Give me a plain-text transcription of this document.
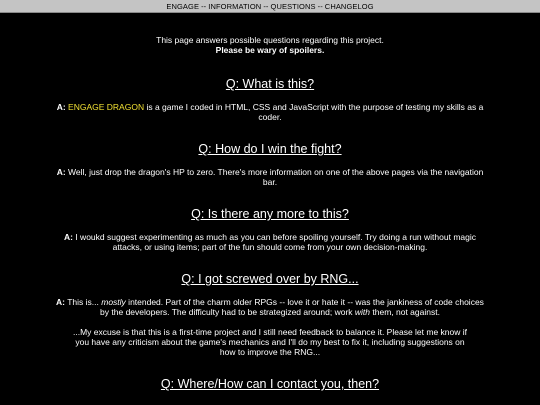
ENGAGE -- INFORMATION -- QUESTIONS -- CHANGELOG
This page answers possible questions regarding this project.
Please be wary of spoilers.
Q: What is this?
A: ENGAGE DRAGON is a game I coded in HTML, CSS and JavaScript with the purpose of testing my skills as a coder.
Q: How do I win the fight?
A: Well, just drop the dragon's HP to zero. There's more information on one of the above pages via the navigation bar.
Q: Is there any more to this?
A: I woukd suggest experimenting as much as you can before spoiling yourself. Try doing a run without magic attacks, or using items; part of the fun should come from your own decision-making.
Q: I got screwed over by RNG...

A: This is... mostly intended. Part of the charm older RPGs -- love it or hate it -- was the jankiness of code choices by the developers. The difficulty had to be strategized around; work with them, not against.

...My excuse is that this is a first-time project and I still need feedback to balance it. Please let me know if you have any criticism about the game's mechanics and I'll do my best to fix it, including suggestions on how to improve the RNG...

Q: Where/How can I contact you, then?
